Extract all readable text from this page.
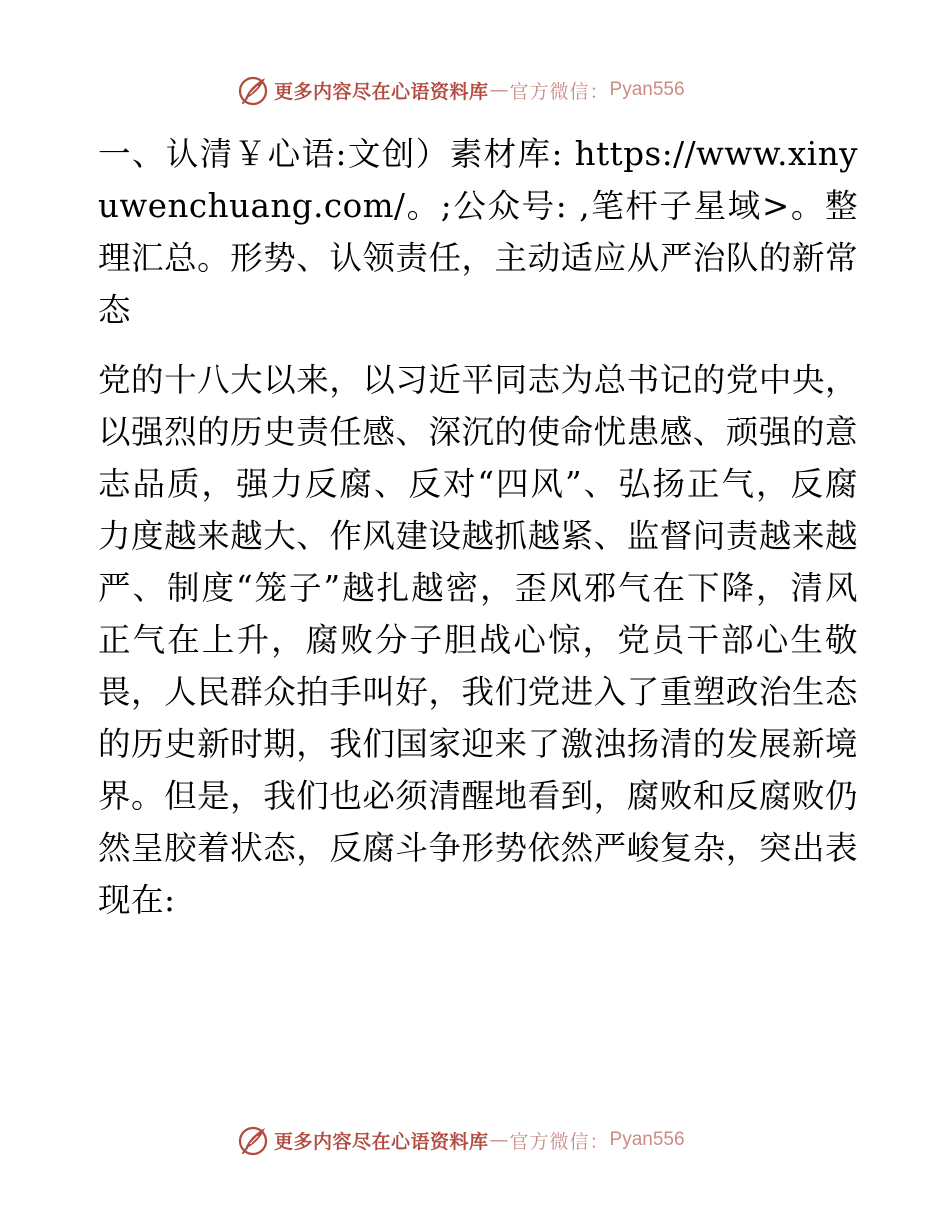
更多内容尽在心语资料库 — 官方微信： Pyan556

一、认清￥心语:文创）素材库: https://www.xinyuwenchuang.com/。;公众号: ,笔杆子星域>。整理汇总。形势、认领责任，主动适应从严治队的新常态

党的十八大以来，以习近平同志为总书记的党中央，以强烈的历史责任感、深沉的使命忧患感、顽强的意志品质，强力反腐、反对“四风”、弘扬正气，反腐力度越来越大、作风建设越抓越紧、监督问责越来越严、制度“笼子”越扎越密，歪风邪气在下降，清风正气在上升，腐败分子胆战心惊，党员干部心生敬畏，人民群众拍手叫好，我们党进入了重塑政治生态的历史新时期，我们国家迎来了激浊扬清的发展新境界。但是，我们也必须清醒地看到，腐败和反腐败仍然呈胶着状态，反腐斗争形势依然严峻复杂，突出表现在:

更多内容尽在心语资料库 — 官方微信： Pyan556
